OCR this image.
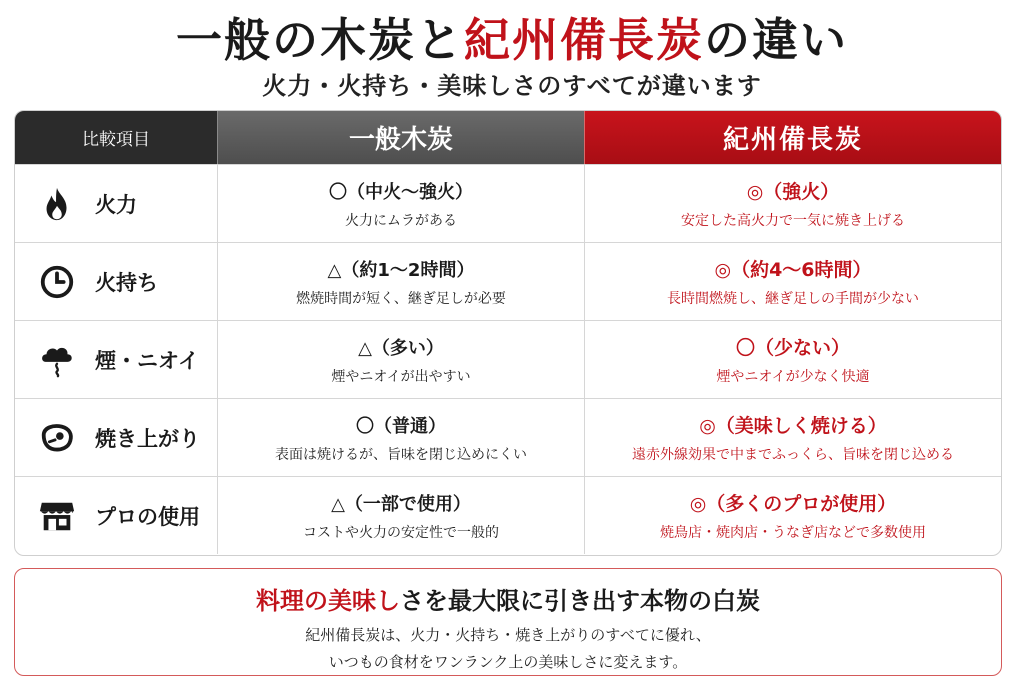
一般の木炭と紀州備長炭の違い
火力・火持ち・美味しさのすべてが違います
比較項目	一般木炭	紀州備長炭
火力
〇（中火～強火）
火力にムラがある
◎（強火）
安定した高火力で一気に焼き上げる
火持ち
△（約1～2時間）
燃焼時間が短く、継ぎ足しが必要
◎（約4～6時間）
長時間燃焼し、継ぎ足しの手間が少ない
煙・ニオイ
△（多い）
煙やニオイが出やすい
〇（少ない）
煙やニオイが少なく快適
焼き上がり
〇（普通）
表面は焼けるが、旨味を閉じ込めにくい
◎（美味しく焼ける）
遠赤外線効果で中までふっくら、旨味を閉じ込める
プロの使用
△（一部で使用）
コストや火力の安定性で一般的
◎（多くのプロが使用）
焼鳥店・焼肉店・うなぎ店などで多数使用
料理の美味しさを最大限に引き出す本物の白炭
紀州備長炭は、火力・火持ち・焼き上がりのすべてに優れ、
いつもの食材をワンランク上の美味しさに変えます。
